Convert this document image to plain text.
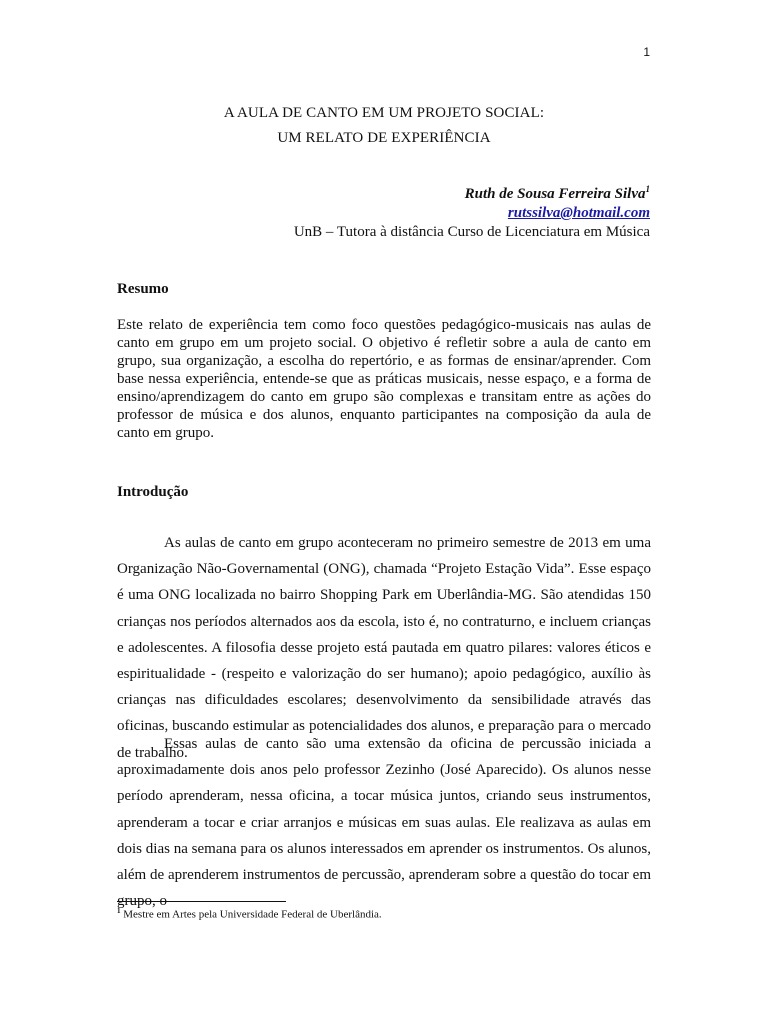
1
A AULA DE CANTO EM UM PROJETO SOCIAL:
UM RELATO DE EXPERIÊNCIA
Ruth de Sousa Ferreira Silva$^1$
rutssilva@hotmail.com
UnB – Tutora à distância Curso de Licenciatura em Música
Resumo

Este relato de experiência tem como foco questões pedagógico-musicais nas aulas de canto em grupo em um projeto social. O objetivo é refletir sobre a aula de canto em grupo, sua organização, a escolha do repertório, e as formas de ensinar/aprender. Com base nessa experiência, entende-se que as práticas musicais, nesse espaço, e a forma de ensino/aprendizagem do canto em grupo são complexas e transitam entre as ações do professor de música e dos alunos, enquanto participantes na composição da aula de canto em grupo.

Introdução

As aulas de canto em grupo aconteceram no primeiro semestre de 2013 em uma Organização Não-Governamental (ONG), chamada “Projeto Estação Vida”. Esse espaço é uma ONG localizada no bairro Shopping Park em Uberlândia-MG. São atendidas 150 crianças nos períodos alternados aos da escola, isto é, no contraturno, e incluem crianças e adolescentes. A filosofia desse projeto está pautada em quatro pilares: valores éticos e espiritualidade - (respeito e valorização do ser humano); apoio pedagógico, auxílio às crianças nas dificuldades escolares; desenvolvimento da sensibilidade através das oficinas, buscando estimular as potencialidades dos alunos, e preparação para o mercado de trabalho.

Essas aulas de canto são uma extensão da oficina de percussão iniciada a aproximadamente dois anos pelo professor Zezinho (José Aparecido). Os alunos nesse período aprenderam, nessa oficina, a tocar música juntos, criando seus instrumentos, aprenderam a tocar e criar arranjos e músicas em suas aulas. Ele realizava as aulas em dois dias na semana para os alunos interessados em aprender os instrumentos. Os alunos, além de aprenderem instrumentos de percussão, aprenderam sobre a questão do tocar em grupo, o

$^1$ Mestre em Artes pela Universidade Federal de Uberlândia.
